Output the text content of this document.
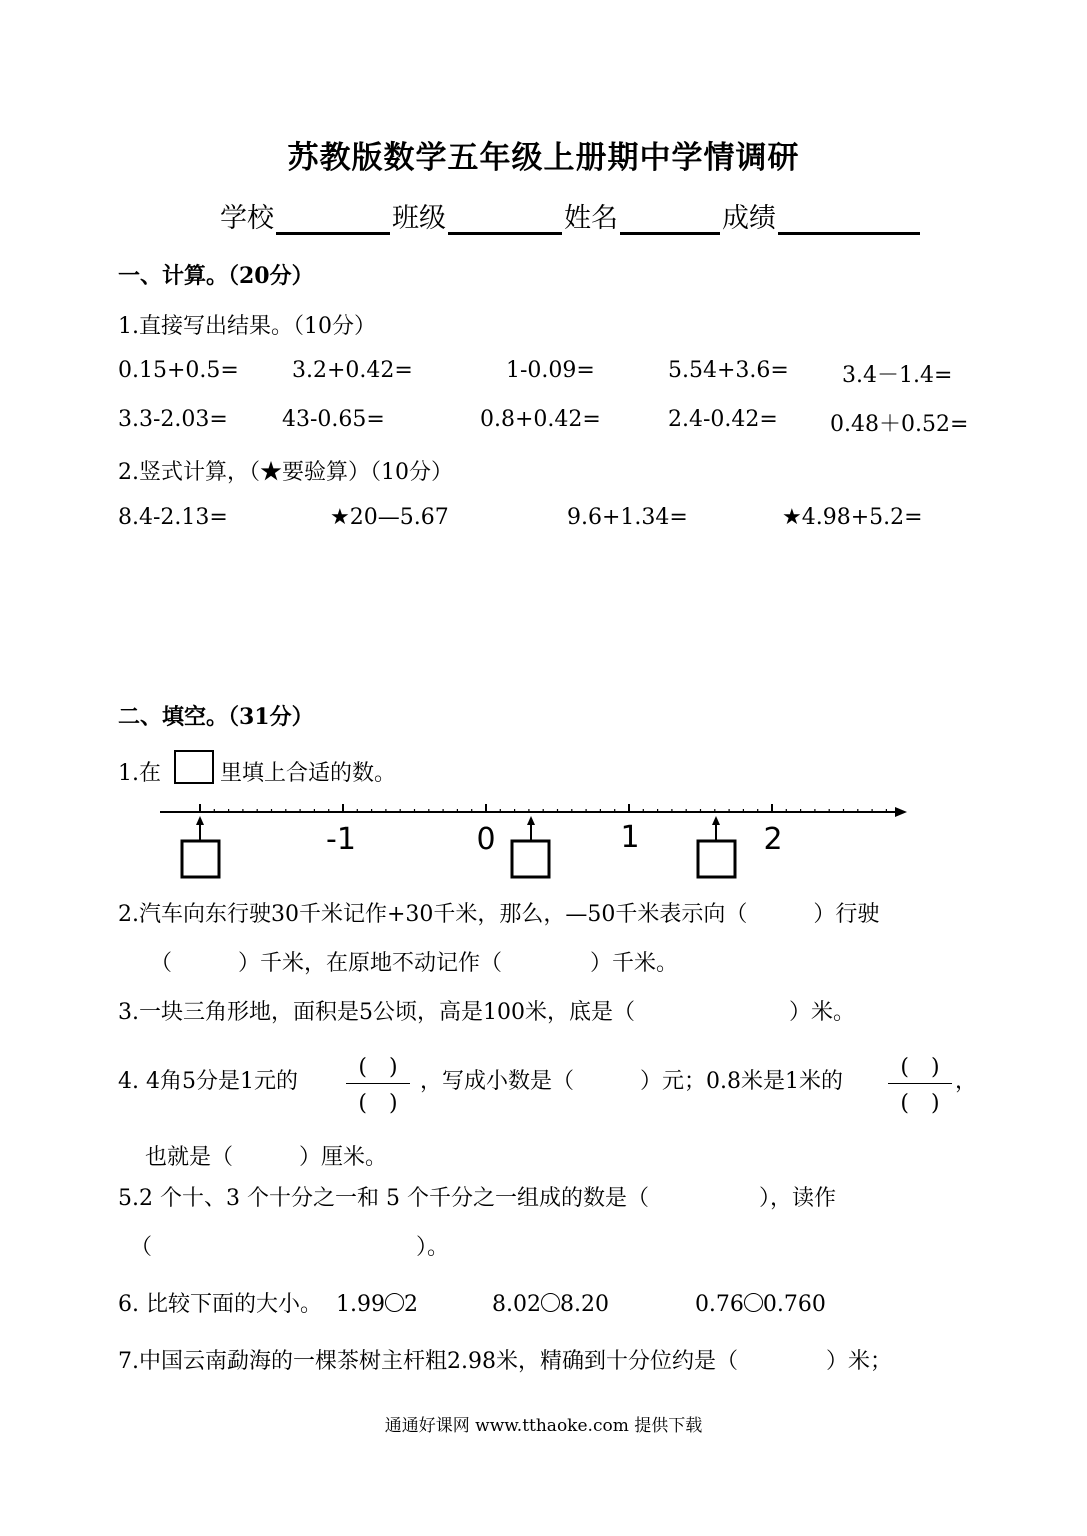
苏教版数学五年级上册期中学情调研
学校	班级	姓名	成绩
一、计算。（20分）
1.直接写出结果。（10分）
0.15+0.5= 3.2+0.42=	1-0.09=	5.54+3.6= 3.4－1.4=
3.3-2.03= 43-0.65=	0.8+0.42=	2.4-0.42= 0.48＋0.52=
2.竖式计算，（★要验算）（10分）
8.4-2.13=	★20—5.67	9.6+1.34=	★4.98+5.2=
二、填空。（31分）
1.在	里填上合适的数。
-1	0	1	2
2.汽车向东行驶30千米记作+30千米，那么，—50千米表示向（　　　）行驶
（　　　）千米，在原地不动记作（　　　　）千米。
3.一块三角形地，面积是5公顷，高是100米，底是（　　　　　　　）米。
4. 4角5分是1元的
(　)
(　)
，写成小数是（　　　）元；0.8米是1米的
(　)
(　)
，
也就是（　　　）厘米。
5.2 个十、3 个十分之一和 5 个千分之一组成的数是（　　　　　），读作
（　　　　　　　　　　　　）。
6. 比较下面的大小。 1.99 2	8.02 8.20	0.76 0.760
7.中国云南勐海的一棵茶树主杆粗2.98米，精确到十分位约是（　　　　）米；
通通好课网 www.tthaoke.com 提供下载
